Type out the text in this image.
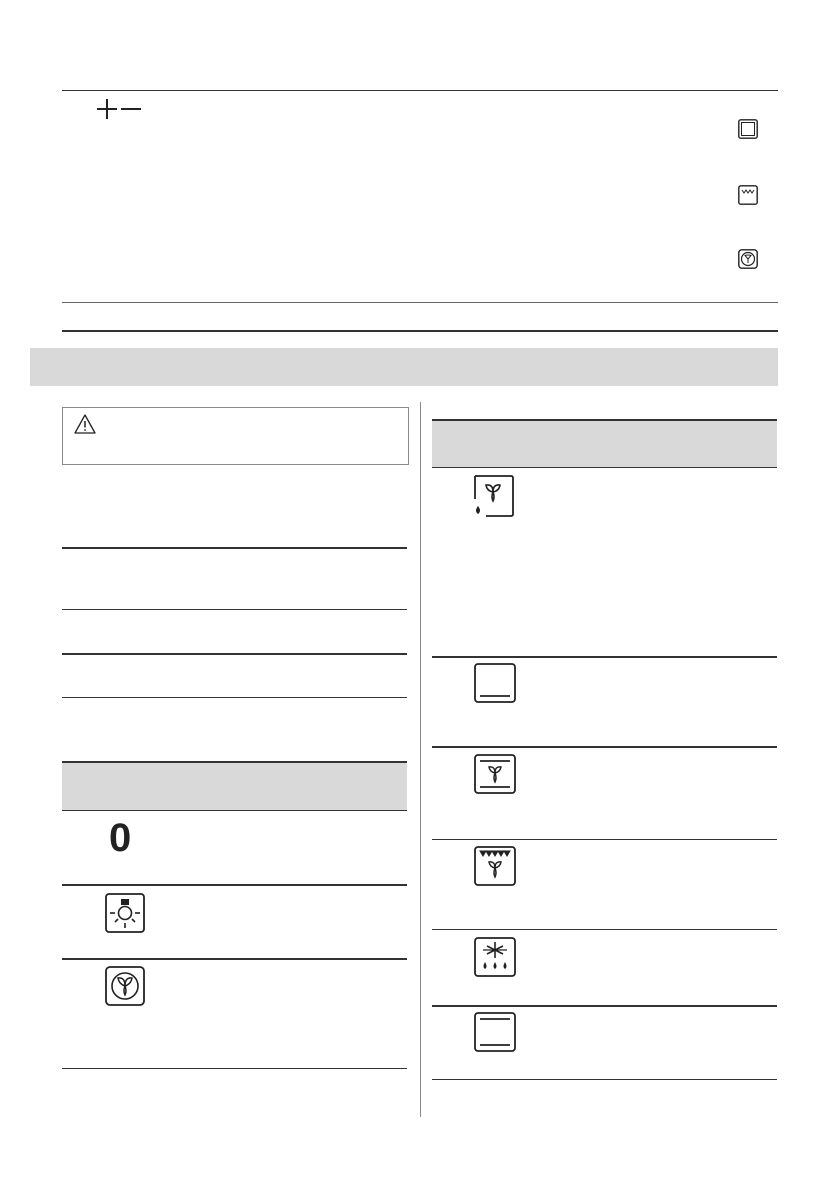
0
